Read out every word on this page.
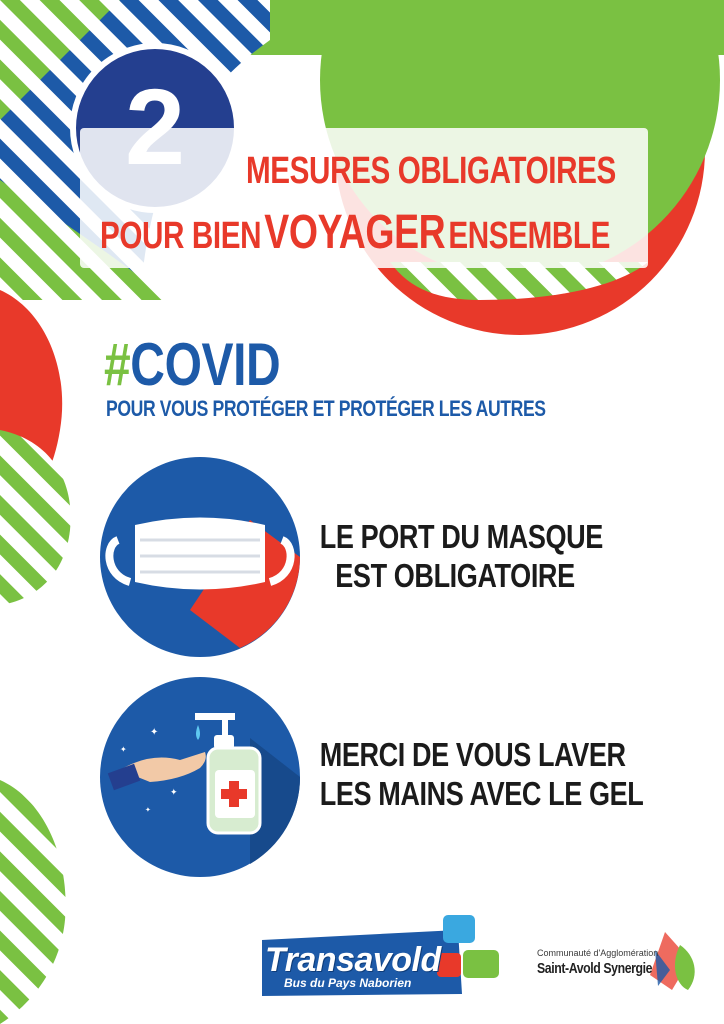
✦
✦
✦
✦
2	MESURES OBLIGATOIRES
POUR BIEN VOYAGER ENSEMBLE
#COVID
POUR VOUS PROTÉGER ET PROTÉGER LES AUTRES
LE PORT DU MASQUE
EST OBLIGATOIRE
MERCI DE VOUS LAVER
LES MAINS AVEC LE GEL
Transavold
Bus du Pays Naborien
Communauté d'Agglomération
Saint-Avold Synergie
